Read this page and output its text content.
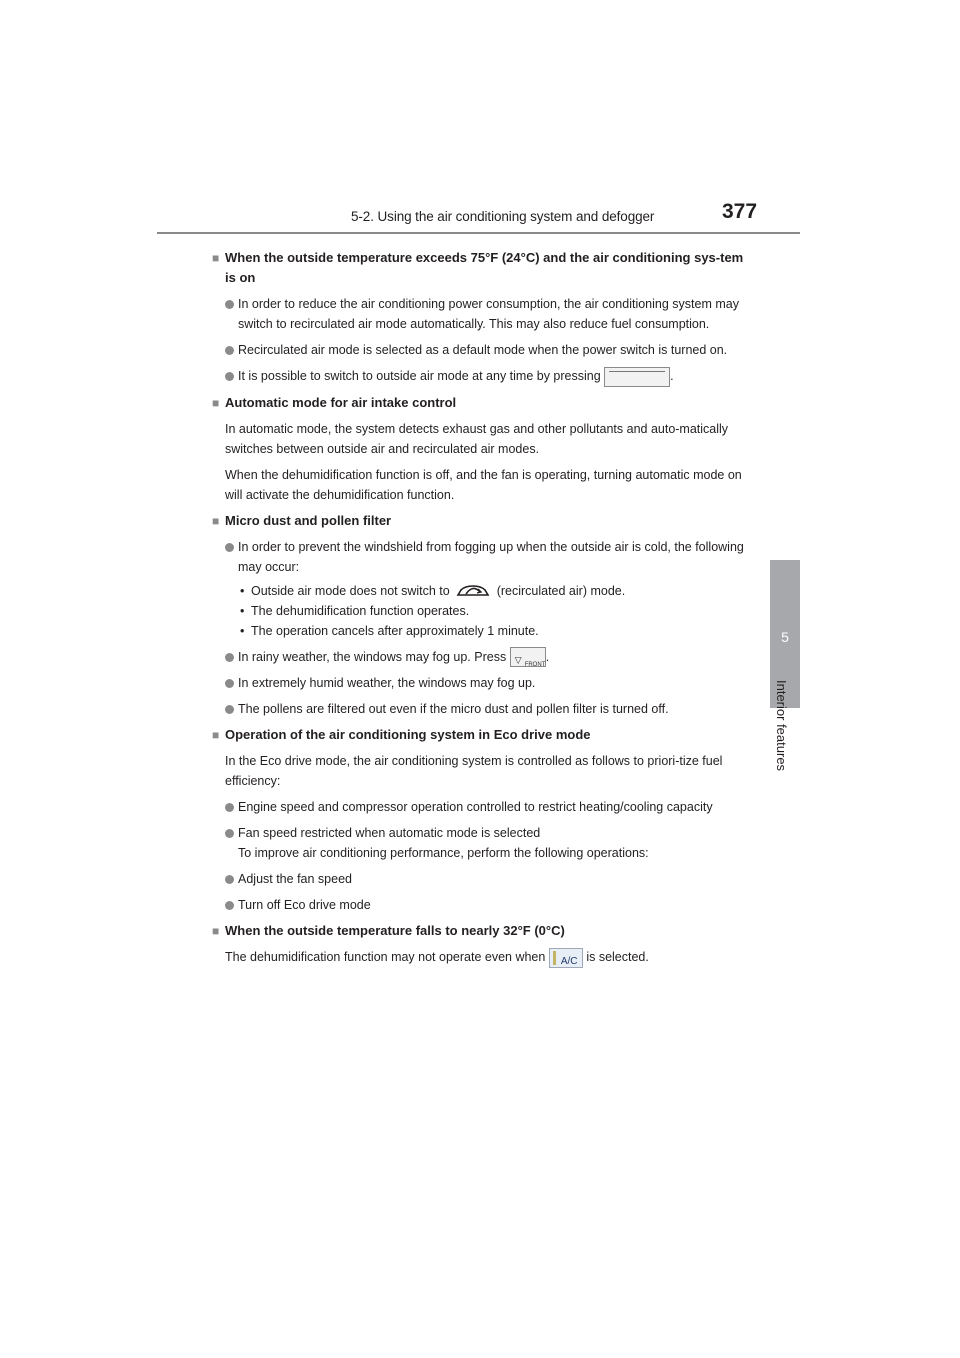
5-2. Using the air conditioning system and defogger	377
5
Interior features
■ When the outside temperature exceeds 75°F (24°C) and the air conditioning sys-tem is on
In order to reduce the air conditioning power consumption, the air conditioning system may switch to recirculated air mode automatically. This may also reduce fuel consumption.
Recirculated air mode is selected as a default mode when the power switch is turned on.
It is possible to switch to outside air mode at any time by pressing	.
■ Automatic mode for air intake control
In automatic mode, the system detects exhaust gas and other pollutants and auto-matically switches between outside air and recirculated air modes.
When the dehumidification function is off, and the fan is operating, turning automatic mode on will activate the dehumidification function.
■ Micro dust and pollen filter
In order to prevent the windshield from fogging up when the outside air is cold, the following may occur:
• Outside air mode does not switch to	(recirculated air) mode.
• The dehumidification function operates.
• The operation cancels after approximately 1 minute.
In rainy weather, the windows may fog up. Press ▽ FRONT
.
In extremely humid weather, the windows may fog up.
The pollens are filtered out even if the micro dust and pollen filter is turned off.
■ Operation of the air conditioning system in Eco drive mode
In the Eco drive mode, the air conditioning system is controlled as follows to priori-tize fuel efficiency:
Engine speed and compressor operation controlled to restrict heating/cooling capacity
Fan speed restricted when automatic mode is selected
To improve air conditioning performance, perform the following operations:
Adjust the fan speed
Turn off Eco drive mode
■ When the outside temperature falls to nearly 32°F (0°C)
The dehumidification function may not operate even when A/C is selected.
